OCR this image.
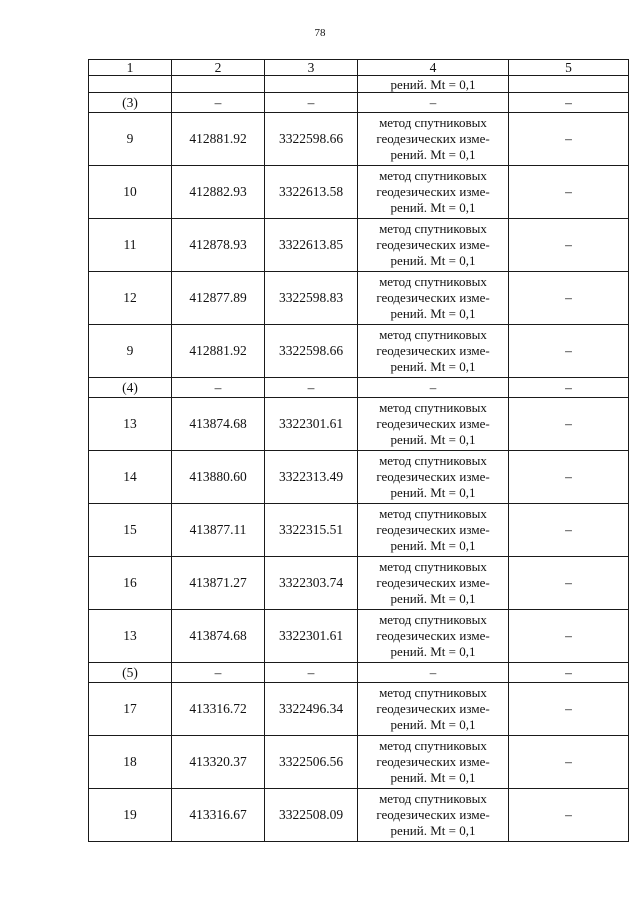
78
1	2	3	4	5
			рений. Mt = 0,1	
(3)	–	–	–	–
9	412881.92	3322598.66	метод спутниковых
геодезических изме-
рений. Mt = 0,1	–
10	412882.93	3322613.58	метод спутниковых
геодезических изме-
рений. Mt = 0,1	–
11	412878.93	3322613.85	метод спутниковых
геодезических изме-
рений. Mt = 0,1	–
12	412877.89	3322598.83	метод спутниковых
геодезических изме-
рений. Mt = 0,1	–
9	412881.92	3322598.66	метод спутниковых
геодезических изме-
рений. Mt = 0,1	–
(4)	–	–	–	–
13	413874.68	3322301.61	метод спутниковых
геодезических изме-
рений. Mt = 0,1	–
14	413880.60	3322313.49	метод спутниковых
геодезических изме-
рений. Mt = 0,1	–
15	413877.11	3322315.51	метод спутниковых
геодезических изме-
рений. Mt = 0,1	–
16	413871.27	3322303.74	метод спутниковых
геодезических изме-
рений. Mt = 0,1	–
13	413874.68	3322301.61	метод спутниковых
геодезических изме-
рений. Mt = 0,1	–
(5)	–	–	–	–
17	413316.72	3322496.34	метод спутниковых
геодезических изме-
рений. Mt = 0,1	–
18	413320.37	3322506.56	метод спутниковых
геодезических изме-
рений. Mt = 0,1	–
19	413316.67	3322508.09	метод спутниковых
геодезических изме-
рений. Mt = 0,1	–
